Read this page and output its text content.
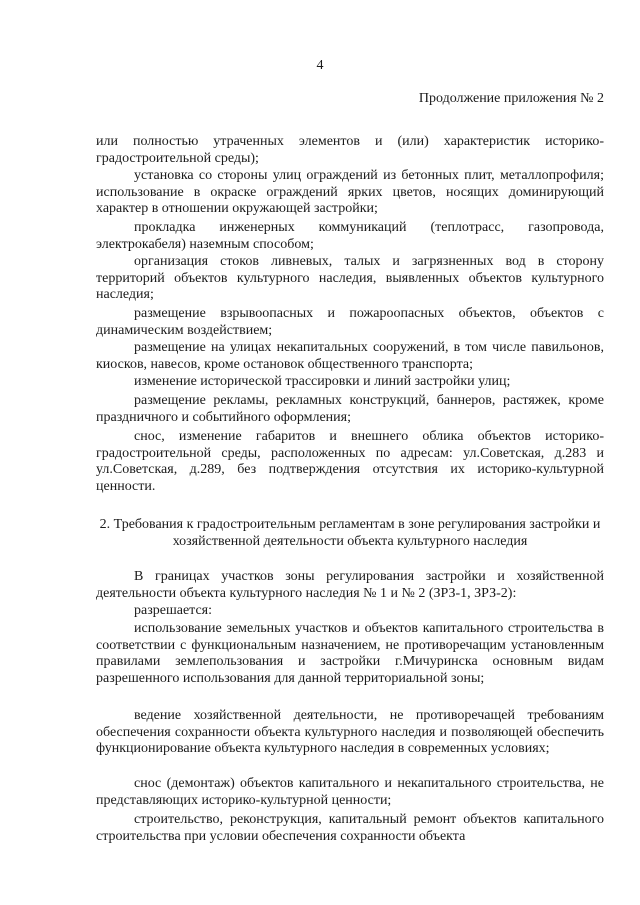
4
Продолжение приложения № 2

или полностью утраченных элементов и (или) характеристик историко-градостроительной среды);

установка со стороны улиц ограждений из бетонных плит, металлопрофиля; использование в окраске ограждений ярких цветов, носящих доминирующий характер в отношении окружающей застройки;

прокладка инженерных коммуникаций (теплотрасс, газопровода, электрокабеля) наземным способом;

организация стоков ливневых, талых и загрязненных вод в сторону территорий объектов культурного наследия, выявленных объектов культурного наследия;

размещение взрывоопасных и пожароопасных объектов, объектов с динамическим воздействием;

размещение на улицах некапитальных сооружений, в том числе павильонов, киосков, навесов, кроме остановок общественного транспорта;

изменение исторической трассировки и линий застройки улиц;

размещение рекламы, рекламных конструкций, баннеров, растяжек, кроме праздничного и событийного оформления;

снос, изменение габаритов и внешнего облика объектов историко-градостроительной среды, расположенных по адресам: ул.Советская, д.283 и ул.Советская, д.289, без подтверждения отсутствия их историко-культурной ценности.

2. Требования к градостроительным регламентам в зоне регулирования застройки и хозяйственной деятельности объекта культурного наследия

В границах участков зоны регулирования застройки и хозяйственной деятельности объекта культурного наследия № 1 и № 2 (ЗРЗ-1, ЗРЗ-2):

разрешается:

использование земельных участков и объектов капитального строительства в соответствии с функциональным назначением, не противоречащим установленным правилами землепользования и застройки г.Мичуринска основным видам разрешенного использования для данной территориальной зоны;

ведение хозяйственной деятельности, не противоречащей требованиям обеспечения сохранности объекта культурного наследия и позволяющей обеспечить функционирование объекта культурного наследия в современных условиях;

снос (демонтаж) объектов капитального и некапитального строительства, не представляющих историко-культурной ценности;

строительство, реконструкция, капитальный ремонт объектов капитального строительства при условии обеспечения сохранности объекта
